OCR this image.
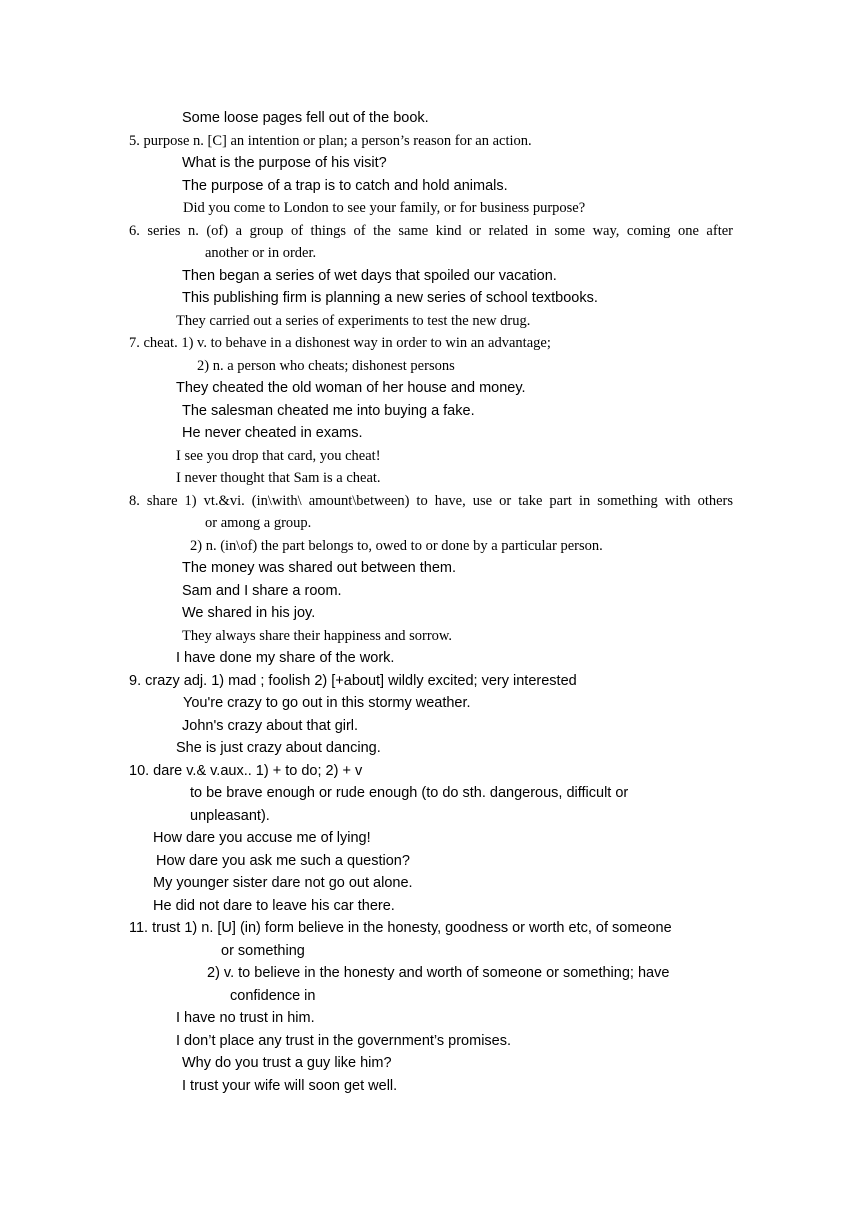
Some loose pages fell out of the book.
5. purpose n. [C] an intention or plan; a person’s reason for an action.
What is the purpose of his visit?
The purpose of a trap is to catch and hold animals.
Did you come to London to see your family, or for business purpose?
6. series n. (of) a group of things of the same kind or related in some way, coming one after
another or in order.
Then began a series of wet days that spoiled our vacation.
This publishing firm is planning a new series of school textbooks.
They carried out a series of experiments to test the new drug.
7. cheat. 1) v. to behave in a dishonest way in order to win an advantage;
2) n. a person who cheats; dishonest persons
They cheated the old woman of her house and money.
The salesman cheated me into buying a fake.
He never cheated in exams.
I see you drop that card, you cheat!
I never thought that Sam is a cheat.
8. share 1) vt.&vi. (in\with\ amount\between) to have, use or take part in something with others
or among a group.
2) n. (in\of) the part belongs to, owed to or done by a particular person.
The money was shared out between them.
Sam and I share a room.
We shared in his joy.
They always share their happiness and sorrow.
I have done my share of the work.
9. crazy adj. 1) mad ; foolish 2) [+about] wildly excited; very interested
You're crazy to go out in this stormy weather.
John's crazy about that girl.
She is just crazy about dancing.
10. dare v.& v.aux.. 1) + to do; 2) + v
to be brave enough or rude enough (to do sth. dangerous, difficult or
unpleasant).
How dare you accuse me of lying!
How dare you ask me such a question?
My younger sister dare not go out alone.
He did not dare to leave his car there.
11. trust 1) n. [U] (in) form believe in the honesty, goodness or worth etc, of someone
or something
2) v. to believe in the honesty and worth of someone or something; have
confidence in
I have no trust in him.
I don’t place any trust in the government’s promises.
Why do you trust a guy like him?
I trust your wife will soon get well.
